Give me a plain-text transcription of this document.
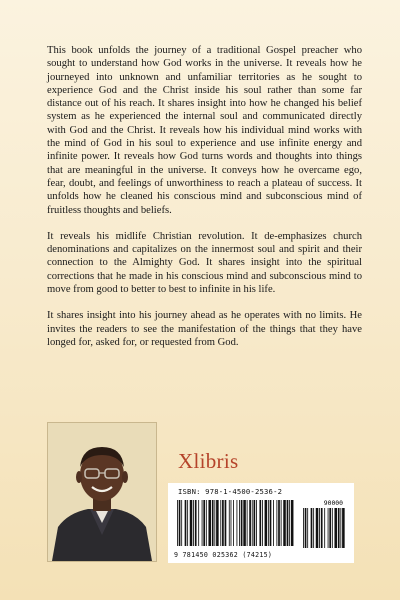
This book unfolds the journey of a traditional Gospel preacher who sought to understand how God works in the universe. It reveals how he journeyed into unknown and unfamiliar territories as he sought to experience God and the Christ inside his soul rather than some far distance out of his reach. It shares insight into how he changed his belief system as he experienced the internal soul and communicated directly with God and the Christ. It reveals how his individual mind works with the mind of God in his soul to experience and use infinite energy and infinite power. It reveals how God turns words and thoughts into things that are meaningful in the universe. It conveys how he overcame ego, fear, doubt, and feelings of unworthiness to reach a plateau of success. It unfolds how he cleaned his conscious mind and subconscious mind of fruitless thoughts and beliefs.

It reveals his midlife Christian revolution. It de-emphasizes church denominations and capitalizes on the innermost soul and spirit and their connection to the Almighty God. It shares insight into the spiritual corrections that he made in his conscious mind and subconscious mind to move from good to better to best to infinite in his life.

It shares insight into his journey ahead as he operates with no limits. He invites the readers to see the manifestation of the things that they have longed for, asked for, or requested from God.

Xlibris
ISBN: 978-1-4500-2536-2
90000
9 781450 025362 (74215)
